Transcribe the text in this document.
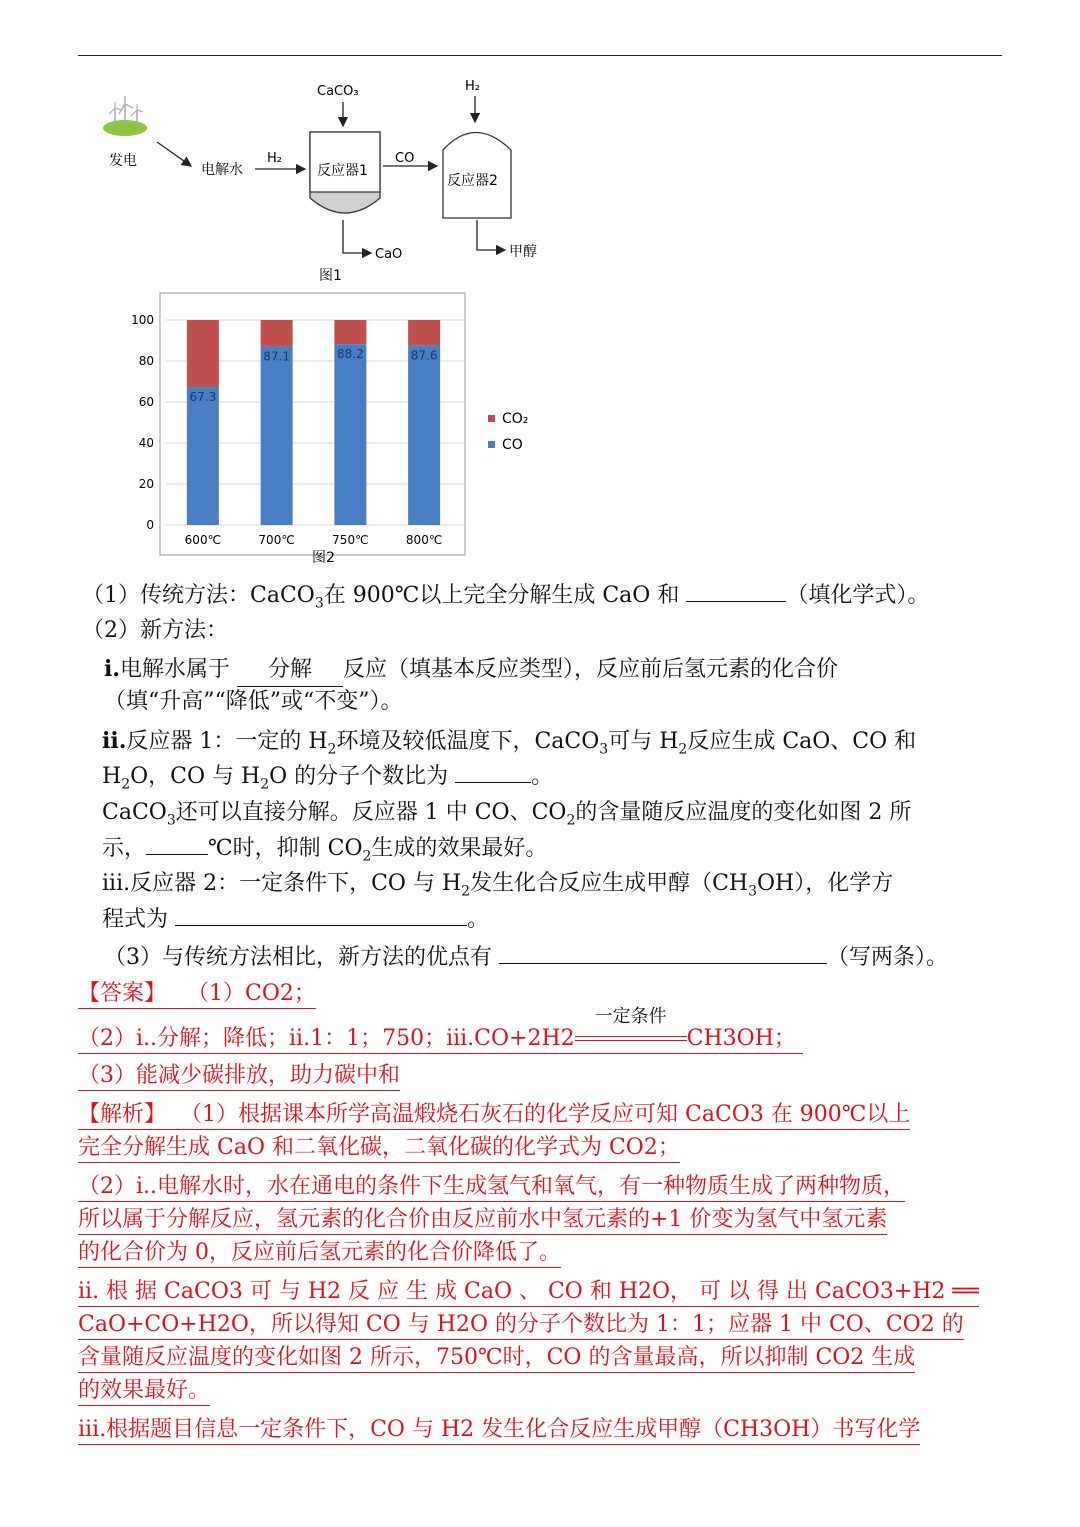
发电
电解水
H₂
CaCO₃
反应器1
CO
H₂
反应器2
CaO	甲醇
图1
0
20
40
60
80
100
67.3
87.1	88.2	87.6
600℃	700℃	750℃	800℃
CO₂
CO
图2
（1）传统方法：CaCO$_3$在 900℃以上完全分解生成 CaO 和	（填化学式）。
（2）新方法：
i.电解水属于 分解 反应（填基本反应类型），反应前后氢元素的化合价
（填“升高”“降低”或“不变”）。
ii.反应器 1：一定的 $H_2$环境及较低温度下，CaCO$_3$可与 $H_2$反应生成 CaO、CO 和
$H_2O$，CO 与 $H_2O$ 的分子个数比为	。
CaCO$_3$还可以直接分解。反应器 1 中 CO、$CO_2$的含量随反应温度的变化如图 2 所
示，	℃时，抑制 $CO_2$生成的效果最好。
iii.反应器 2：一定条件下，CO 与 $H_2$发生化合反应生成甲醇$(CH_3OH)$，化学方
程式为	。
（3）与传统方法相比，新方法的优点有	（写两条）。
【答案】 （1）CO2；
（2）i..分解；降低；ii.1：1；750；iii.CO+2H2
一定条件
CH3OH；
（3）能减少碳排放，助力碳中和
【解析】 （1）根据课本所学高温煅烧石灰石的化学反应可知 CaCO3 在 900℃以上
完全分解生成 CaO 和二氧化碳，二氧化碳的化学式为 CO2；
（2）i..电解水时，水在通电的条件下生成氢气和氧气，有一种物质生成了两种物质，
所以属于分解反应，氢元素的化合价由反应前水中氢元素的+1 价变为氢气中氢元素
的化合价为 0，反应前后氢元素的化合价降低了。
ii. 根 据 CaCO3 可 与 H2 反 应 生 成 CaO 、 CO 和 H2O， 可 以 得 出 CaCO3+H2 ══
CaO+CO+H2O，所以得知 CO 与 H2O 的分子个数比为 1：1；应器 1 中 CO、CO2 的
含量随反应温度的变化如图 2 所示，750℃时，CO 的含量最高，所以抑制 CO2 生成
的效果最好。
iii.根据题目信息一定条件下，CO 与 H2 发生化合反应生成甲醇（CH3OH）书写化学
